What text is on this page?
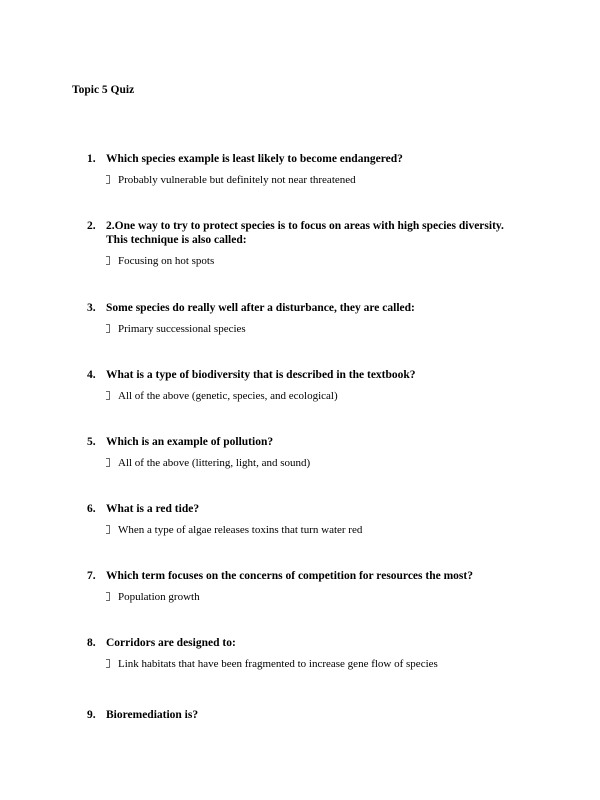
Topic 5 Quiz
1. Which species example is least likely to become endangered?

Probably vulnerable but definitely not near threatened
2. 2.One way to try to protect species is to focus on areas with high species diversity. This technique is also called:

Focusing on hot spots
3. Some species do really well after a disturbance, they are called:

Primary successional species
4. What is a type of biodiversity that is described in the textbook?

All of the above (genetic, species, and ecological)
5. Which is an example of pollution?

All of the above (littering, light, and sound)
6. What is a red tide?

When a type of algae releases toxins that turn water red
7. Which term focuses on the concerns of competition for resources the most?

Population growth
8. Corridors are designed to:

Link habitats that have been fragmented to increase gene flow of species
9. Bioremediation is?
